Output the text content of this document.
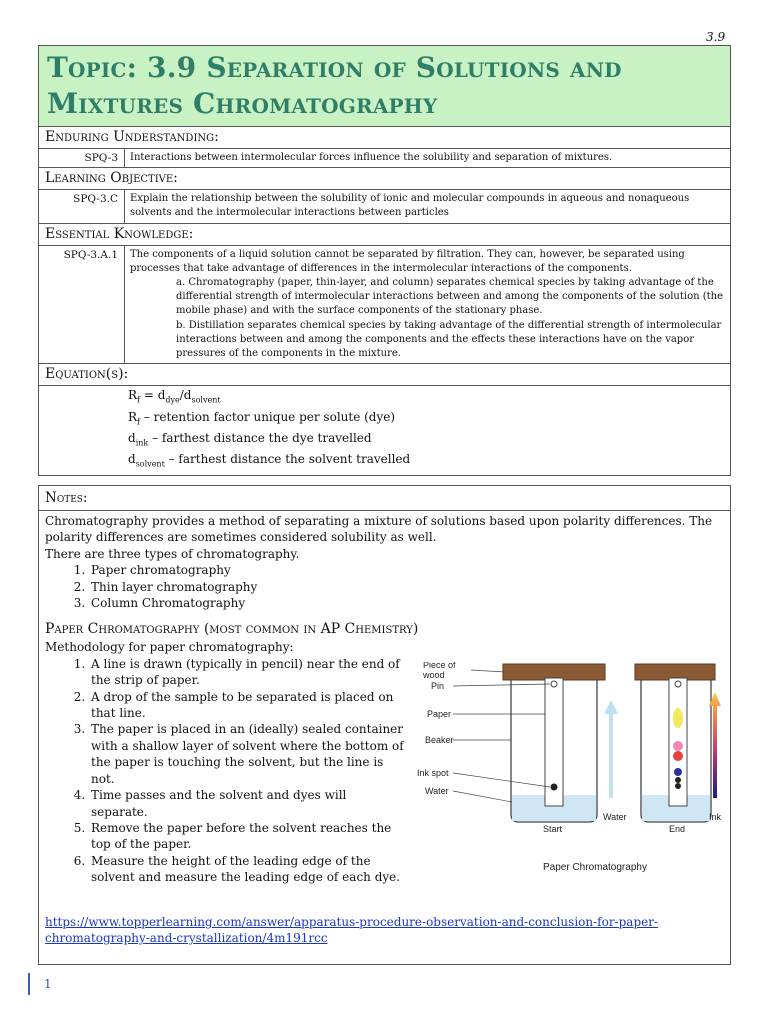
3.9
Topic: 3.9 Separation of Solutions and
Mixtures Chromatography
Enduring Understanding:
SPQ-3	Interactions between intermolecular forces influence the solubility and separation of mixtures.
Learning Objective:
SPQ-3.C	Explain the relationship between the solubility of ionic and molecular compounds in aqueous and nonaqueous solvents and the intermolecular interactions between particles
Essential Knowledge:
SPQ-3.A.1	The components of a liquid solution cannot be separated by filtration. They can, however, be separated using processes that take advantage of differences in the intermolecular interactions of the components.

a. Chromatography (paper, thin-layer, and column) separates chemical species by taking advantage of the differential strength of intermolecular interactions between and among the components of the solution (the mobile phase) and with the surface components of the stationary phase.

b. Distillation separates chemical species by taking advantage of the differential strength of intermolecular interactions between and among the components and the effects these interactions have on the vapor pressures of the components in the mixture.

Equation(s):
$R_f = d_{dye}/d_{solvent}$
$R_f$ – retention factor unique per solute (dye)
$d_{ink}$ – farthest distance the dye travelled
$d_{solvent}$ – farthest distance the solvent travelled
Notes:

Chromatography provides a method of separating a mixture of solutions based upon polarity differences. The polarity differences are sometimes considered solubility as well.

There are three types of chromatography.

1. Paper chromatography
2. Thin layer chromatography
3. Column Chromatography
Paper Chromatography (most common in AP Chemistry)

Methodology for paper chromatography:

1. A line is drawn (typically in pencil) near the end of the strip of paper.
2. A drop of the sample to be separated is placed on that line.
3. The paper is placed in an (ideally) sealed container with a shallow layer of solvent where the bottom of the paper is touching the solvent, but the line is not.
4. Time passes and the solvent and dyes will separate.
5. Remove the paper before the solvent reaches the top of the paper.
6. Measure the height of the leading edge of the solvent and measure the leading edge of each dye.
Piece of
wood
Pin
Paper
Beaker
Ink spot
Water
Start
Water
End
Ink
Paper Chromatography
https://www.topperlearning.com/answer/apparatus-procedure-observation-and-conclusion-for-paper-chromatography-and-crystallization/4m191rcc
1
